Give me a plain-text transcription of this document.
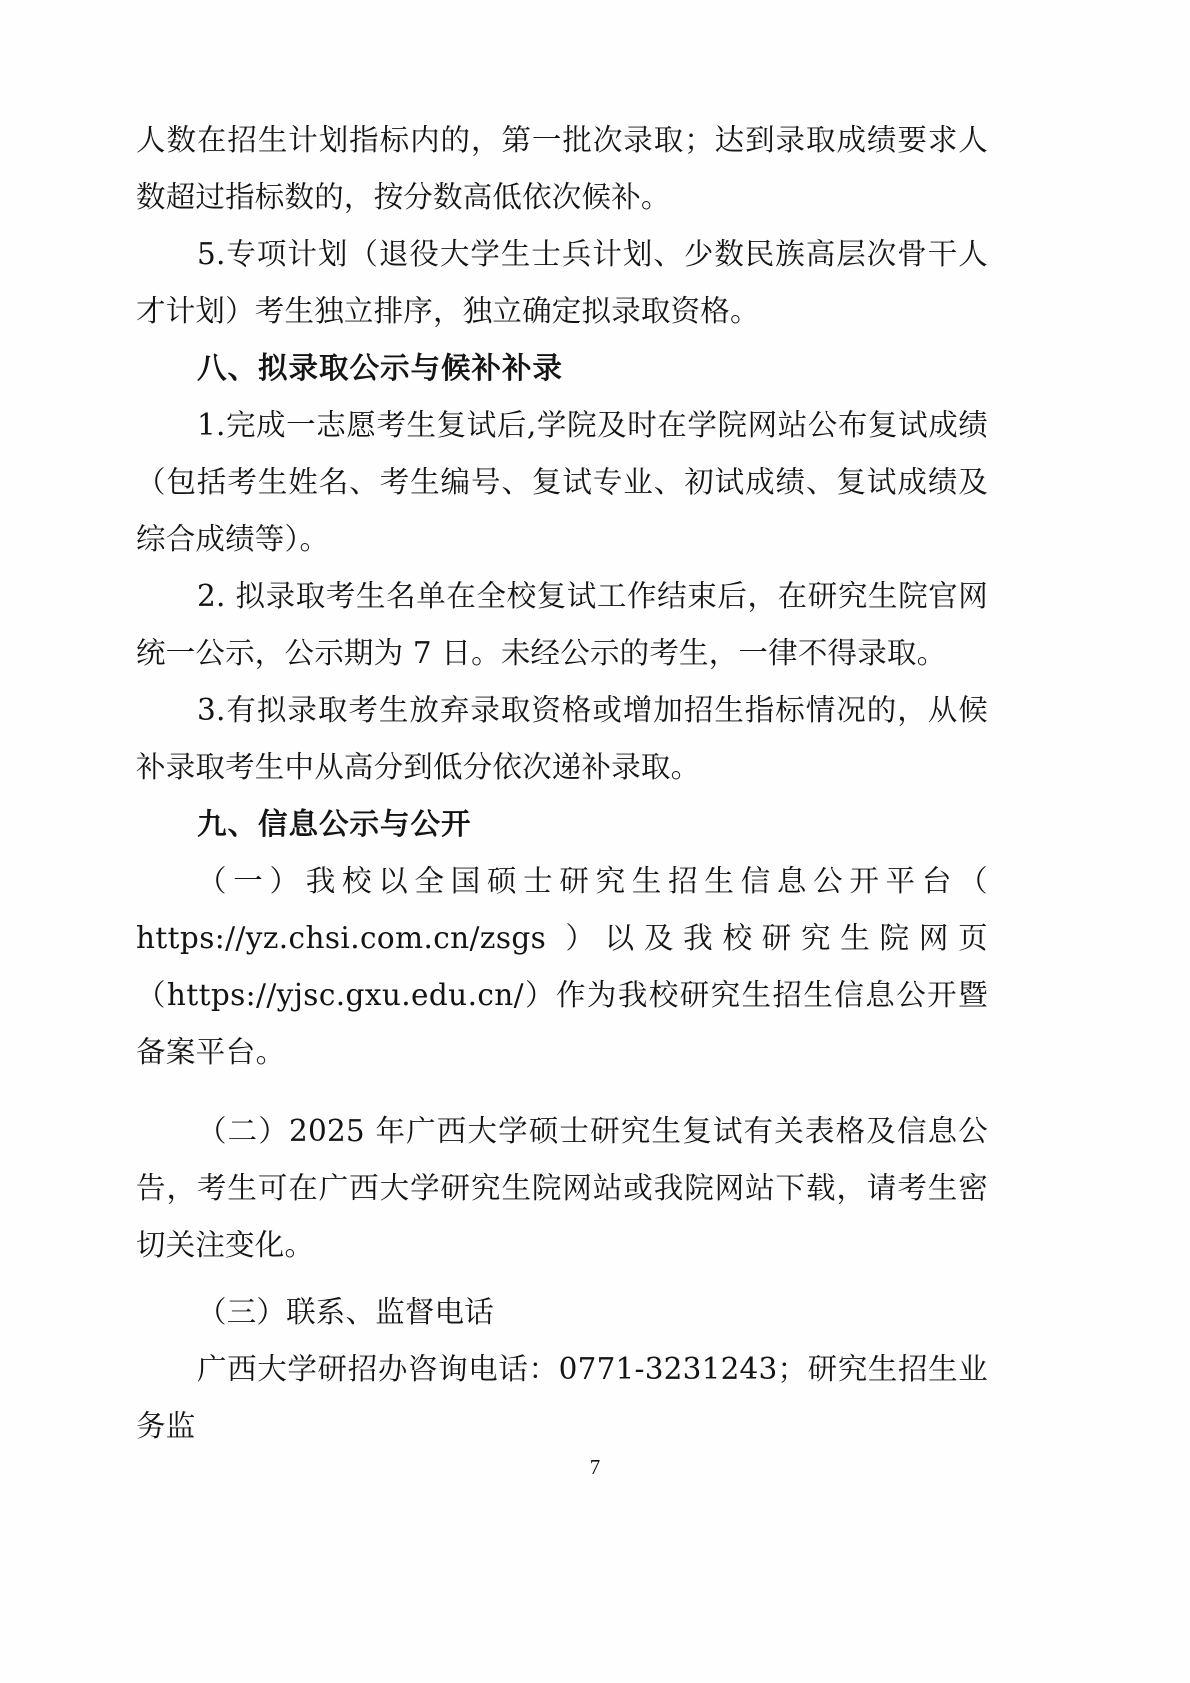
人数在招生计划指标内的，第一批次录取；达到录取成绩要求人数超过指标数的，按分数高低依次候补。

5.专项计划（退役大学生士兵计划、少数民族高层次骨干人才计划）考生独立排序，独立确定拟录取资格。

八、拟录取公示与候补补录

1.完成一志愿考生复试后,学院及时在学院网站公布复试成绩（包括考生姓名、考生编号、复试专业、初试成绩、复试成绩及综合成绩等）。

2. 拟录取考生名单在全校复试工作结束后，在研究生院官网统一公示，公示期为 7 日。未经公示的考生，一律不得录取。

3.有拟录取考生放弃录取资格或增加招生指标情况的，从候补录取考生中从高分到低分依次递补录取。

九、信息公示与公开

（一）我校以全国硕士研究生招生信息公开平台（ https://yz.chsi.com.cn/zsgs ）以及我校研究生院网页（https://yjsc.gxu.edu.cn/）作为我校研究生招生信息公开暨备案平台。

（二）2025 年广西大学硕士研究生复试有关表格及信息公告，考生可在广西大学研究生院网站或我院网站下载，请考生密切关注变化。

（三）联系、监督电话

广西大学研招办咨询电话：0771-3231243；研究生招生业务监

7
